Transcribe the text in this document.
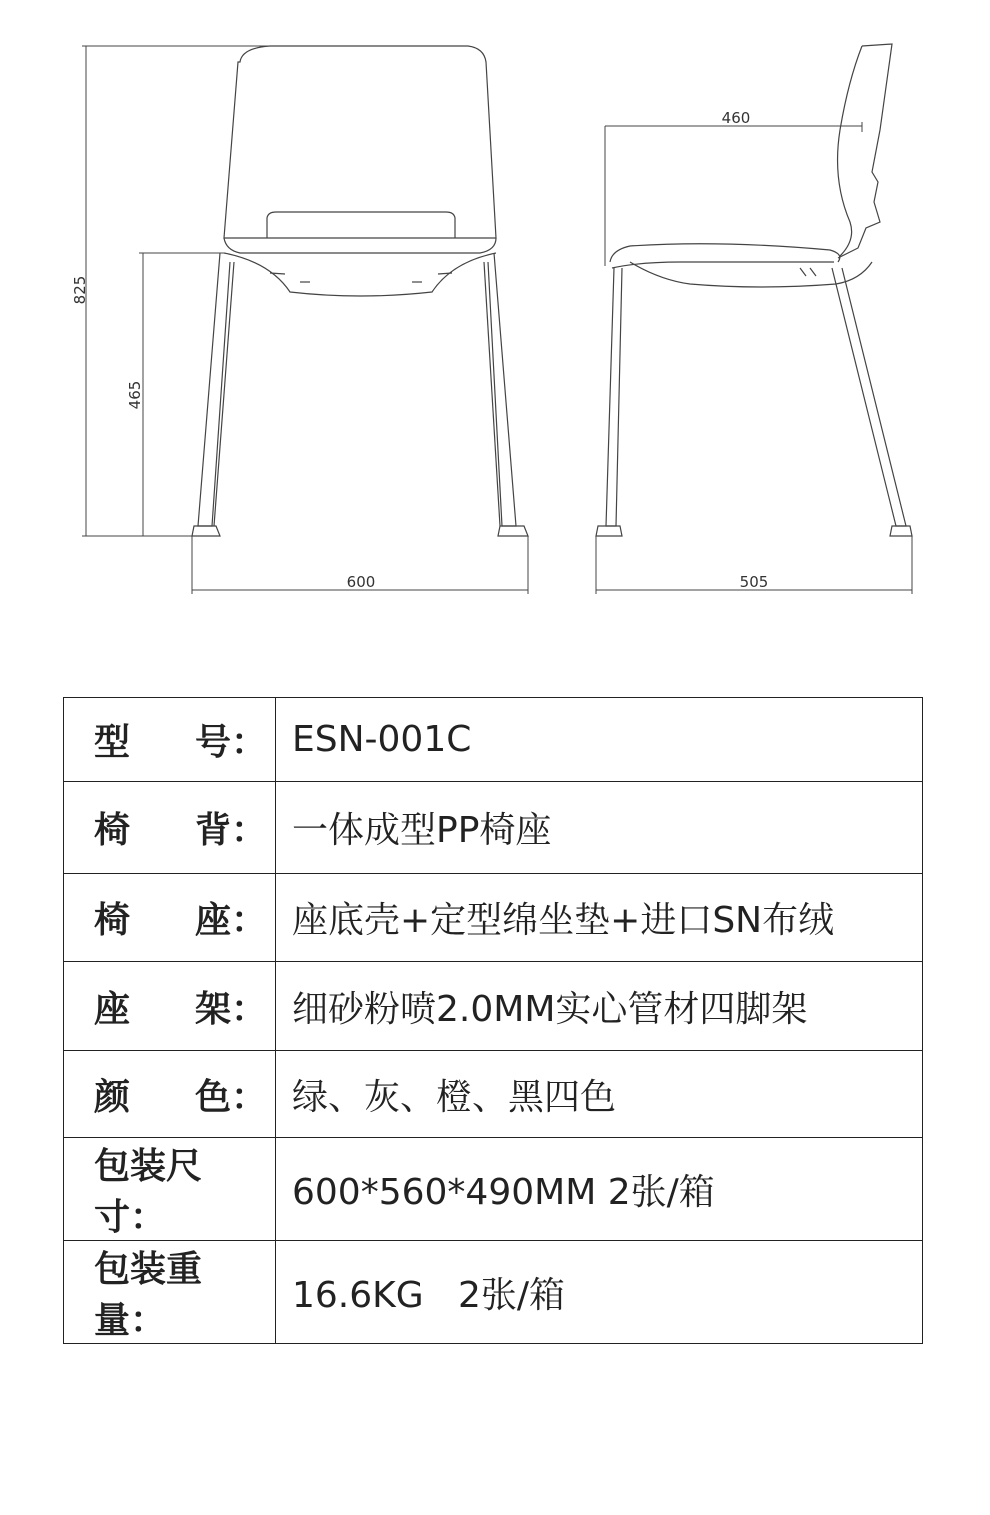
825
465
600
460
505
型 号：	ESN-001C

椅 背：	一体成型PP椅座

椅 座：	座底壳+定型绵坐垫+进口SN布绒

座 架：	细砂粉喷2.0MM实心管材四脚架

颜 色：	绿、灰、橙、黑四色

包装尺寸：	600*560*490MM 2张/箱

包装重量：	16.6KG   2张/箱
